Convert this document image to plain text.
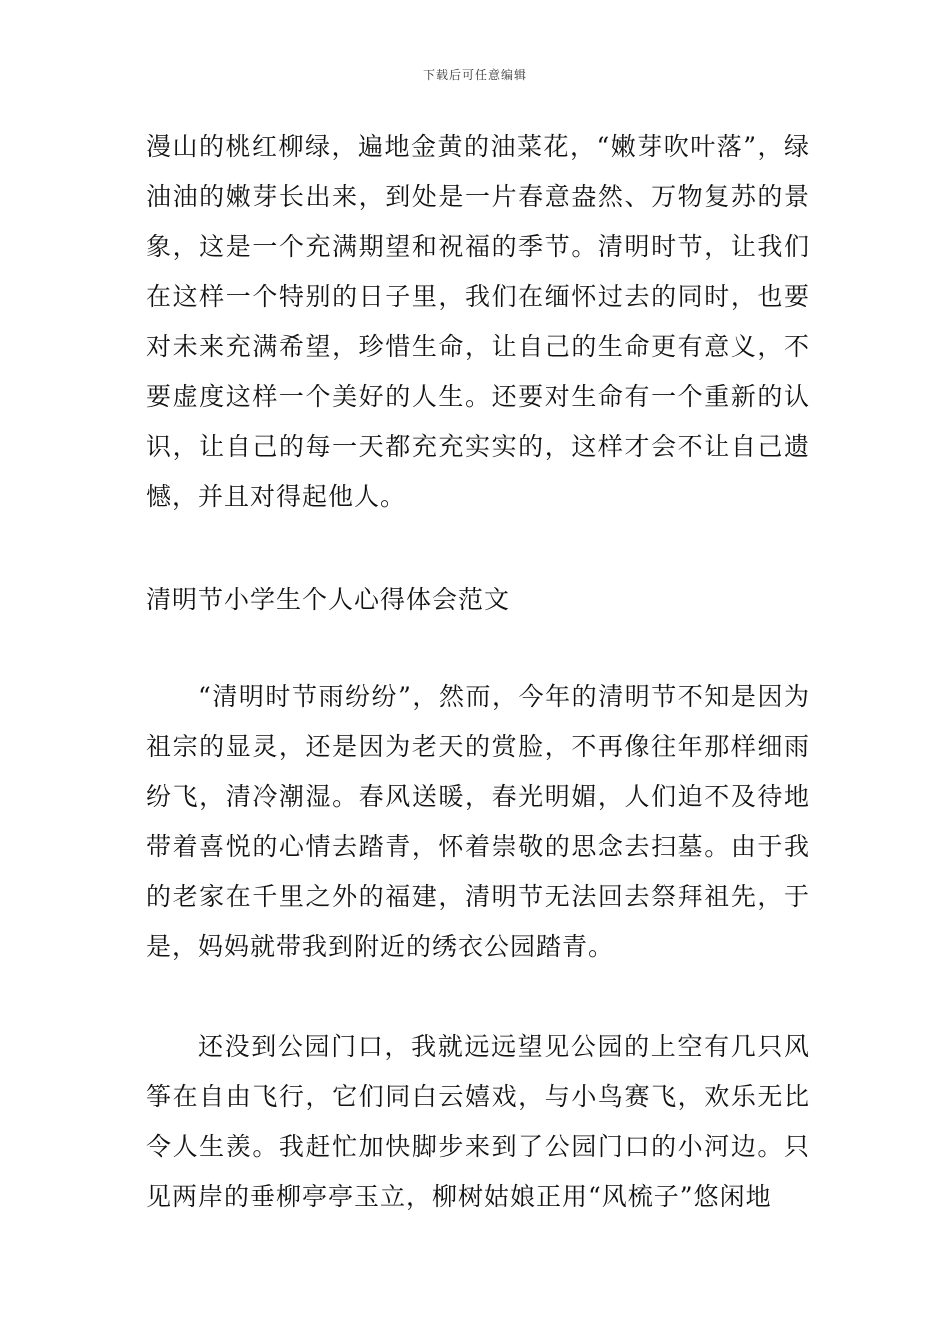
下载后可任意编辑

漫山的桃红柳绿，遍地金黄的油菜花，“嫩芽吹叶落”，绿油油的嫩芽长出来，到处是一片春意盎然、万物复苏的景象，这是一个充满期望和祝福的季节。清明时节，让我们在这样一个特别的日子里，我们在缅怀过去的同时，也要对未来充满希望，珍惜生命，让自己的生命更有意义，不要虚度这样一个美好的人生。还要对生命有一个重新的认识，让自己的每一天都充充实实的，这样才会不让自己遗憾，并且对得起他人。

清明节小学生个人心得体会范文

“清明时节雨纷纷”，然而，今年的清明节不知是因为祖宗的显灵，还是因为老天的赏脸，不再像往年那样细雨纷飞，清冷潮湿。春风送暖，春光明媚，人们迫不及待地带着喜悦的心情去踏青，怀着崇敬的思念去扫墓。由于我的老家在千里之外的福建，清明节无法回去祭拜祖先，于是，妈妈就带我到附近的绣衣公园踏青。

还没到公园门口，我就远远望见公园的上空有几只风筝在自由飞行，它们同白云嬉戏，与小鸟赛飞，欢乐无比令人生羡。我赶忙加快脚步来到了公园门口的小河边。只见两岸的垂柳亭亭玉立，柳树姑娘正用“风梳子”悠闲地
